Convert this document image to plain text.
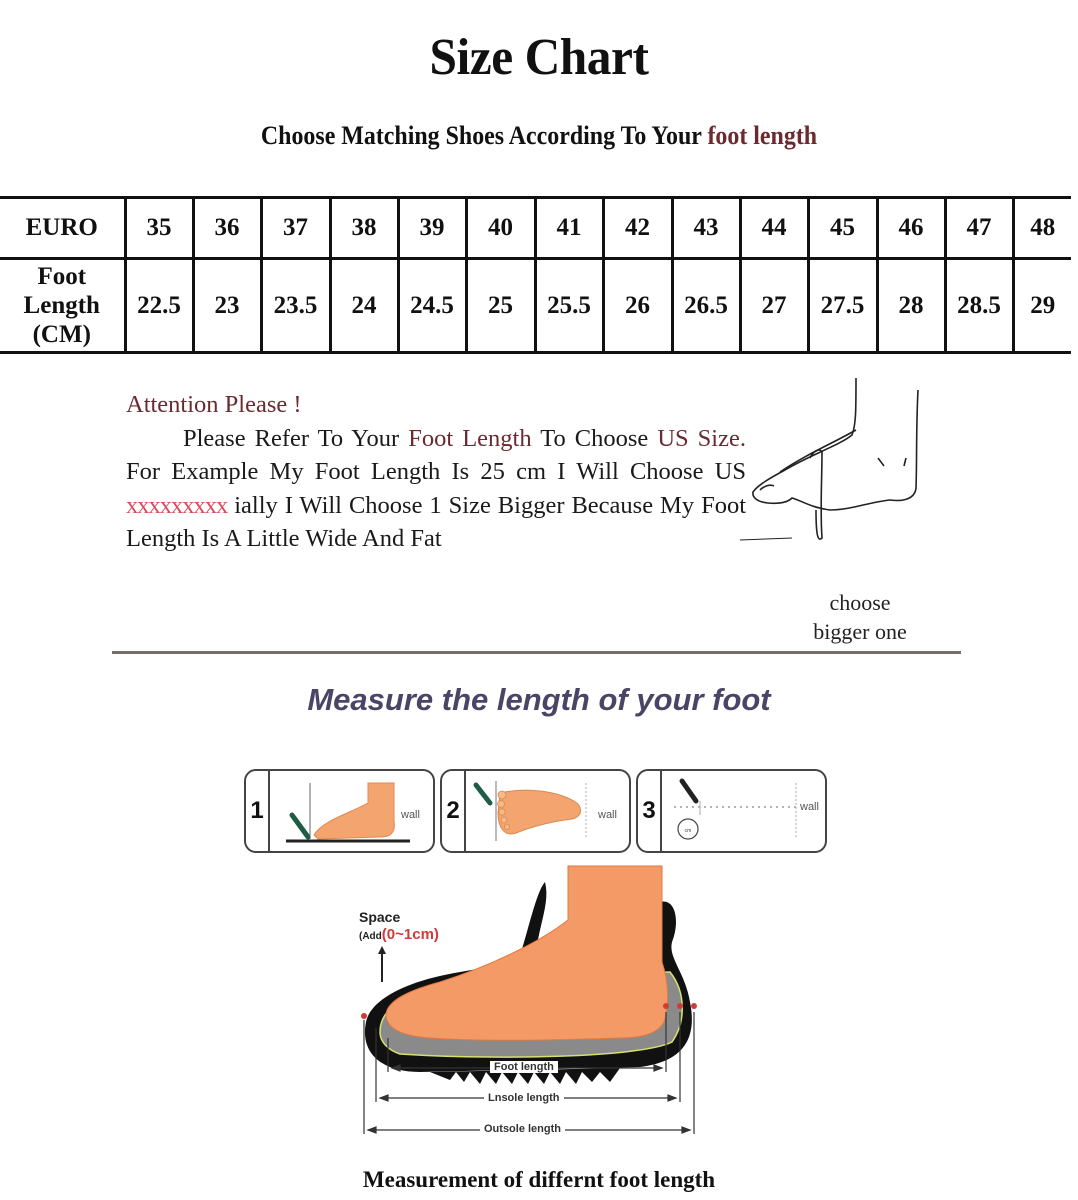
Size Chart
Choose Matching Shoes According To Your foot length
EURO	35	36	37	38	39	40	41	42	43	44	45	46	47	48

Foot
Length
(CM)	22.5	23	23.5	24	24.5	25	25.5	26	26.5	27	27.5	28	28.5	29
Attention Please !
Please Refer To Your Foot Length To Choose US Size. For Example My Foot Length Is 25 cm I Will Choose US xxxxxxxxx ially I Will Choose 1 Size Bigger Because My Foot Length Is A Little Wide And Fat
choose
bigger one
Measure the length of your foot
1	wall 2	wall 3
cm
wall
Space
(Add(0~1cm)
Foot length
Lnsole length
Outsole length
Measurement of differnt foot length
